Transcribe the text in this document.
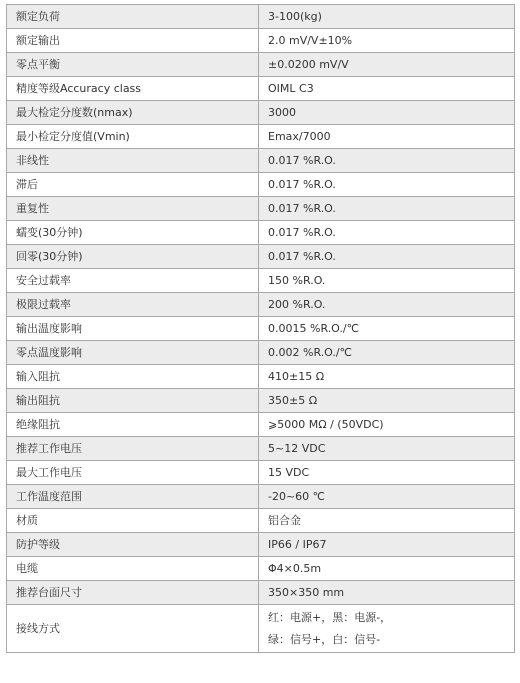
额定负荷	3-100(kg)
额定输出	2.0 mV/V±10%
零点平衡	±0.0200 mV/V
精度等级Accuracy class	OIML C3
最大检定分度数(nmax)	3000
最小检定分度值(Vmin)	Emax/7000
非线性	0.017 %R.O.
滞后	0.017 %R.O.
重复性	0.017 %R.O.
蠕变(30分钟)	0.017 %R.O.
回零(30分钟)	0.017 %R.O.
安全过载率	150 %R.O.
极限过载率	200 %R.O.
输出温度影响	0.0015 %R.O./℃
零点温度影响	0.002 %R.O./℃
输入阻抗	410±15 Ω
输出阻抗	350±5 Ω
绝缘阻抗	⩾5000 MΩ / (50VDC)
推荐工作电压	5~12 VDC
最大工作电压	15 VDC
工作温度范围	-20~60 ℃
材质	铝合金
防护等级	IP66 / IP67
电缆	Φ4×0.5m
推荐台面尺寸	350×350 mm
接线方式	红：电源+，黑：电源-，
绿：信号+，白：信号-
